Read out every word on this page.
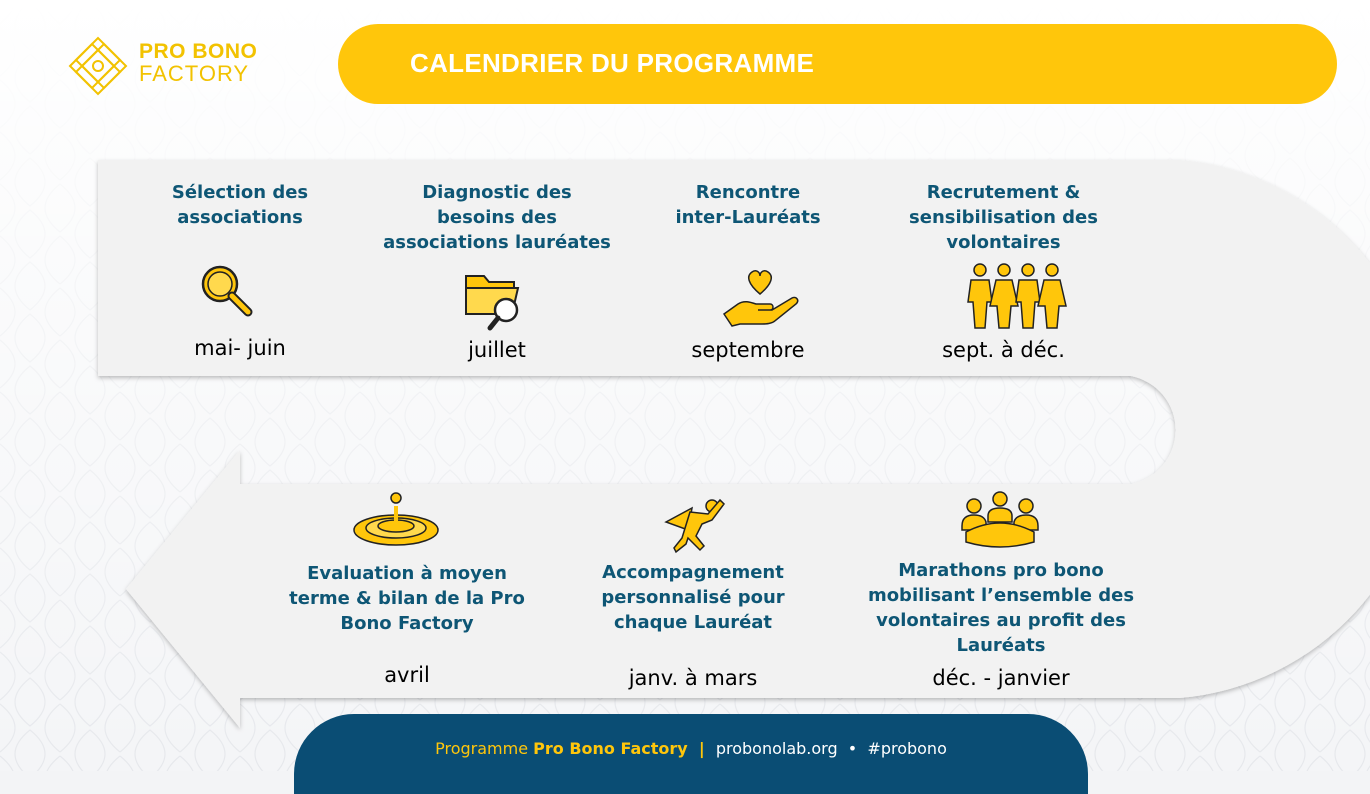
PRO BONO
FACTORY	CALENDRIER DU PROGRAMME
Sélection des
associations
mai- juin
Diagnostic des
besoins des
associations lauréates
juillet
Rencontre
inter-Lauréats
septembre
Recrutement &
sensibilisation des
volontaires
sept. à déc.
Marathons pro bono
mobilisant l’ensemble des
volontaires au profit des
Lauréats
déc. - janvier
Accompagnement
personnalisé pour
chaque Lauréat
janv. à mars
Evaluation à moyen
terme & bilan de la Pro
Bono Factory
avril
Programme Pro Bono Factory  |  probonolab.org  •  #probono
